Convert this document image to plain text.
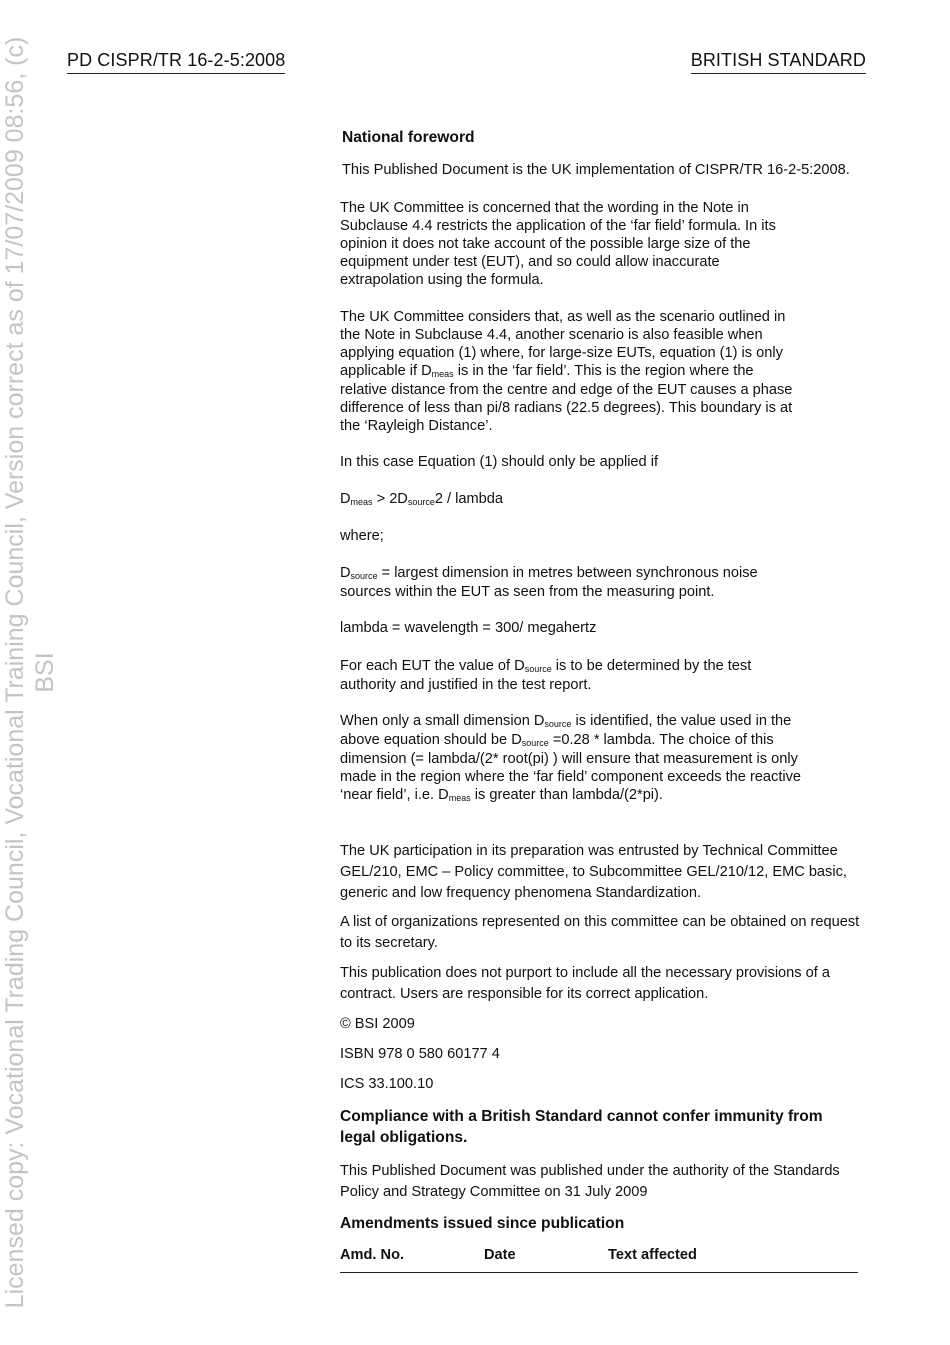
PD CISPR/TR 16-2-5:2008	BRITISH STANDARD
Licensed copy: Vocational Trading Council, Vocational Training Council, Version correct as of 17/07/2009 08:56, (c) BSI

National foreword

This Published Document is the UK implementation of CISPR/TR 16-2-5:2008.

The UK Committee is concerned that the wording in the Note in Subclause 4.4 restricts the application of the ‘far field’ formula. In its opinion it does not take account of the possible large size of the equipment under test (EUT), and so could allow inaccurate extrapolation using the formula.

The UK Committee considers that, as well as the scenario outlined in the Note in Subclause 4.4, another scenario is also feasible when applying equation (1) where, for large-size EUTs, equation (1) is only applicable if $D_{meas}$ is in the ‘far field’. This is the region where the relative distance from the centre and edge of the EUT causes a phase difference of less than pi/8 radians (22.5 degrees). This boundary is at the ‘Rayleigh Distance’.

In this case Equation (1) should only be applied if

$D_{meas} > 2D_{source}2$ / lambda

where;

$D_{source}$ = largest dimension in metres between synchronous noise sources within the EUT as seen from the measuring point.

lambda = wavelength = 300/ megahertz

For each EUT the value of $D_{source}$ is to be determined by the test authority and justified in the test report.

When only a small dimension $D_{source}$ is identified, the value used in the above equation should be $D_{source} =0.28$ * lambda. The choice of this dimension (= lambda/(2* root(pi) ) will ensure that measurement is only made in the region where the ‘far field’ component exceeds the reactive ‘near field’, i.e. $D_{meas}$ is greater than lambda/(2*pi).

The UK participation in its preparation was entrusted by Technical Committee GEL/210, EMC – Policy committee, to Subcommittee GEL/210/12, EMC basic, generic and low frequency phenomena Standardization.

A list of organizations represented on this committee can be obtained on request to its secretary.

This publication does not purport to include all the necessary provisions of a contract. Users are responsible for its correct application.

© BSI 2009

ISBN 978 0 580 60177 4

ICS 33.100.10

Compliance with a British Standard cannot confer immunity from legal obligations.

This Published Document was published under the authority of the Standards Policy and Strategy Committee on 31 July 2009

Amendments issued since publication

Amd. No.	Date	Text affected
